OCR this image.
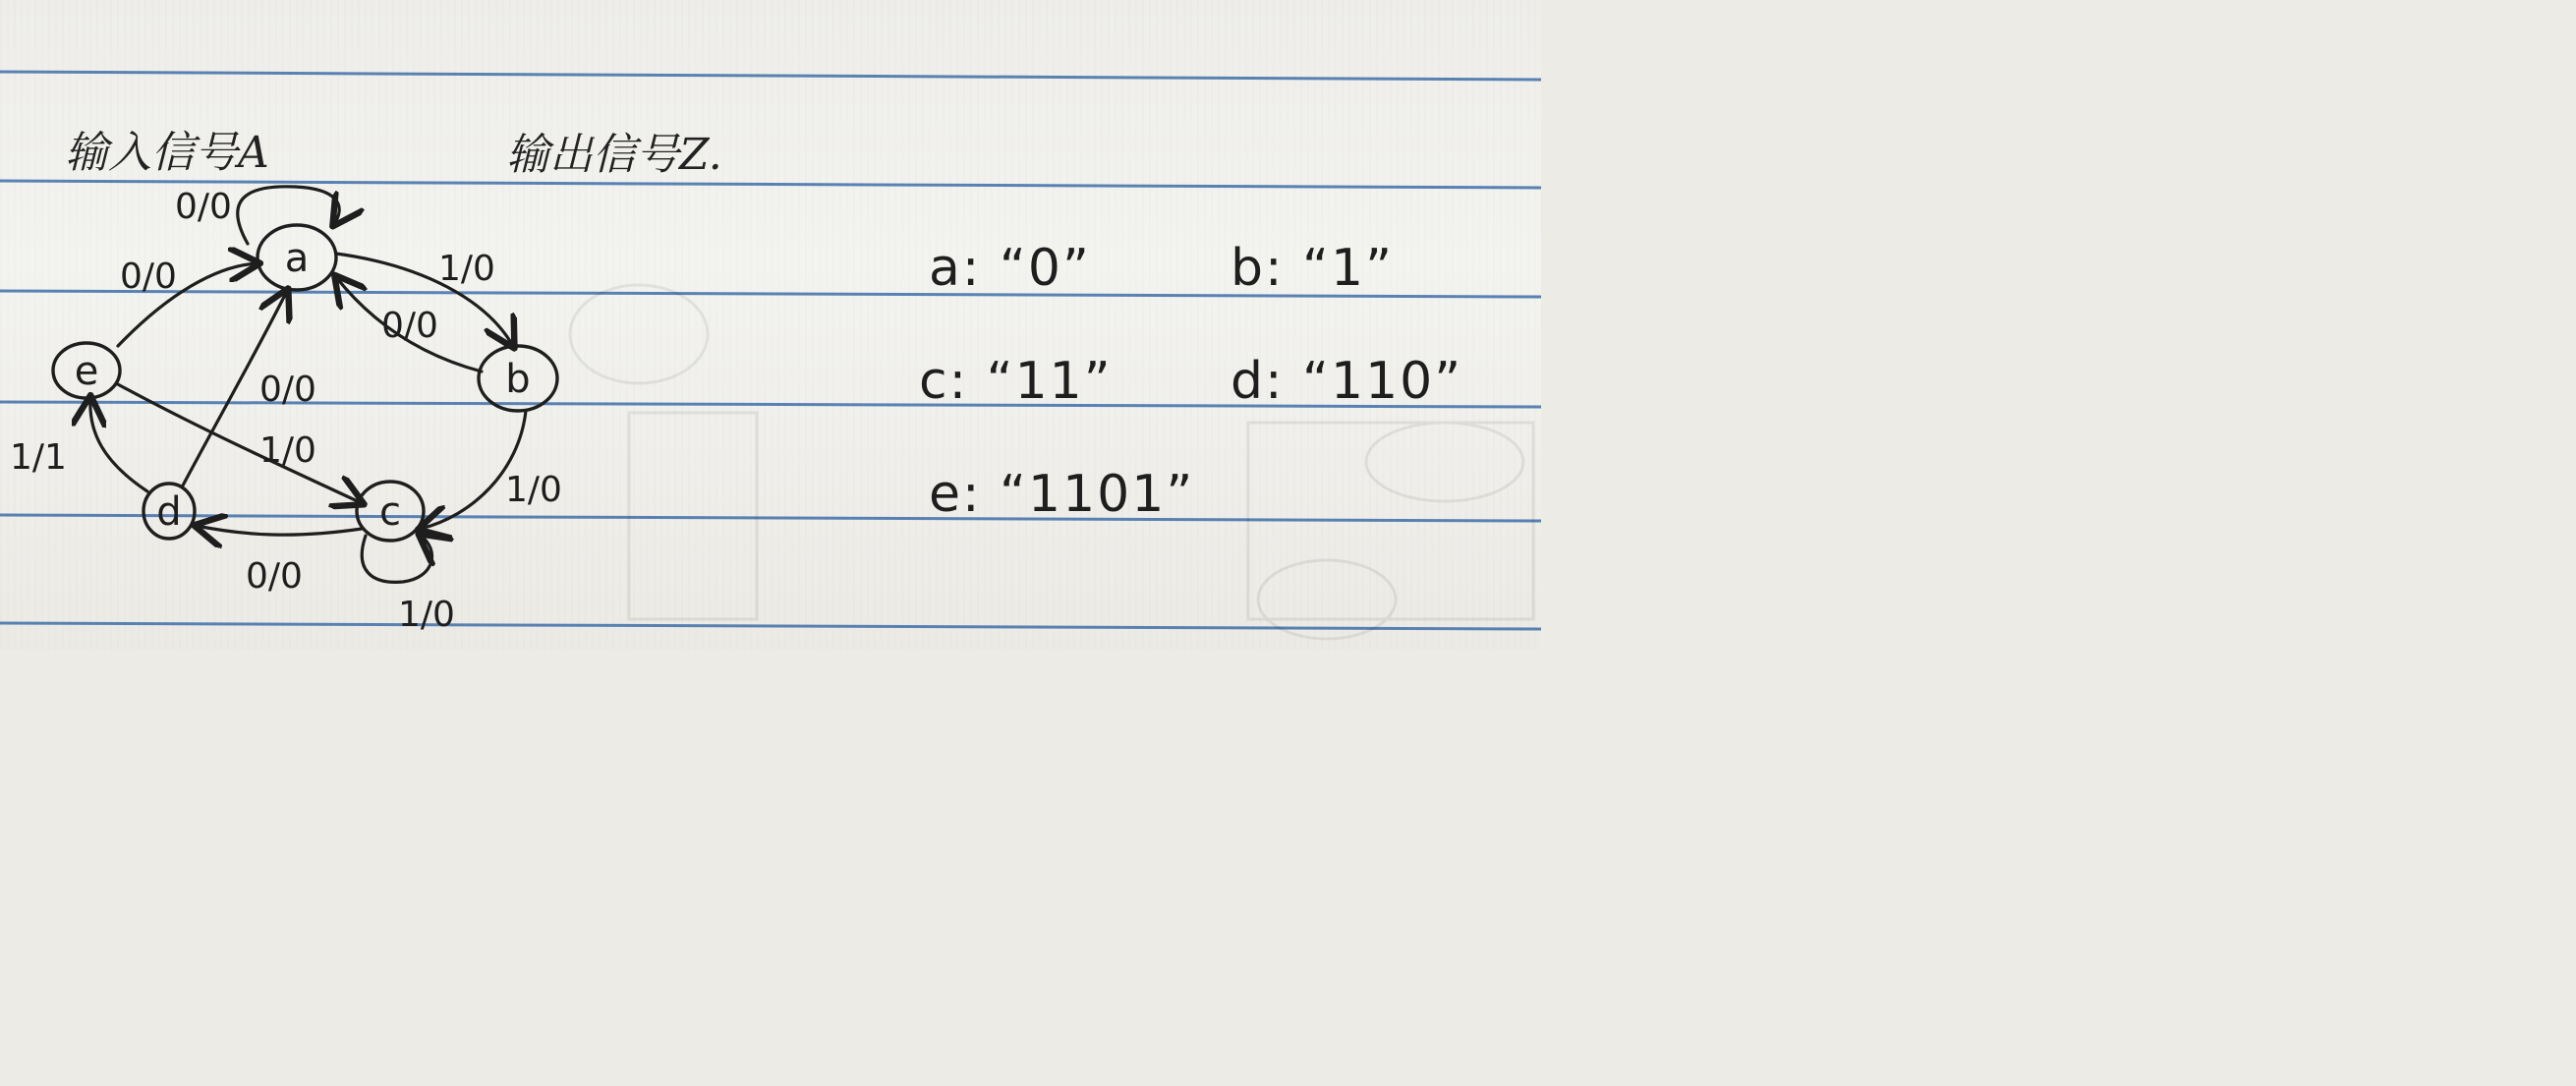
输入信号A	输出信号Z.
a
b
c
d
e
0/0
0/0	1/0
0/0
0/0
1/0
1/0
1/1
0/0
1/0
a: “0”	b: “1”
c: “11” d: “110”
e: “1101”
